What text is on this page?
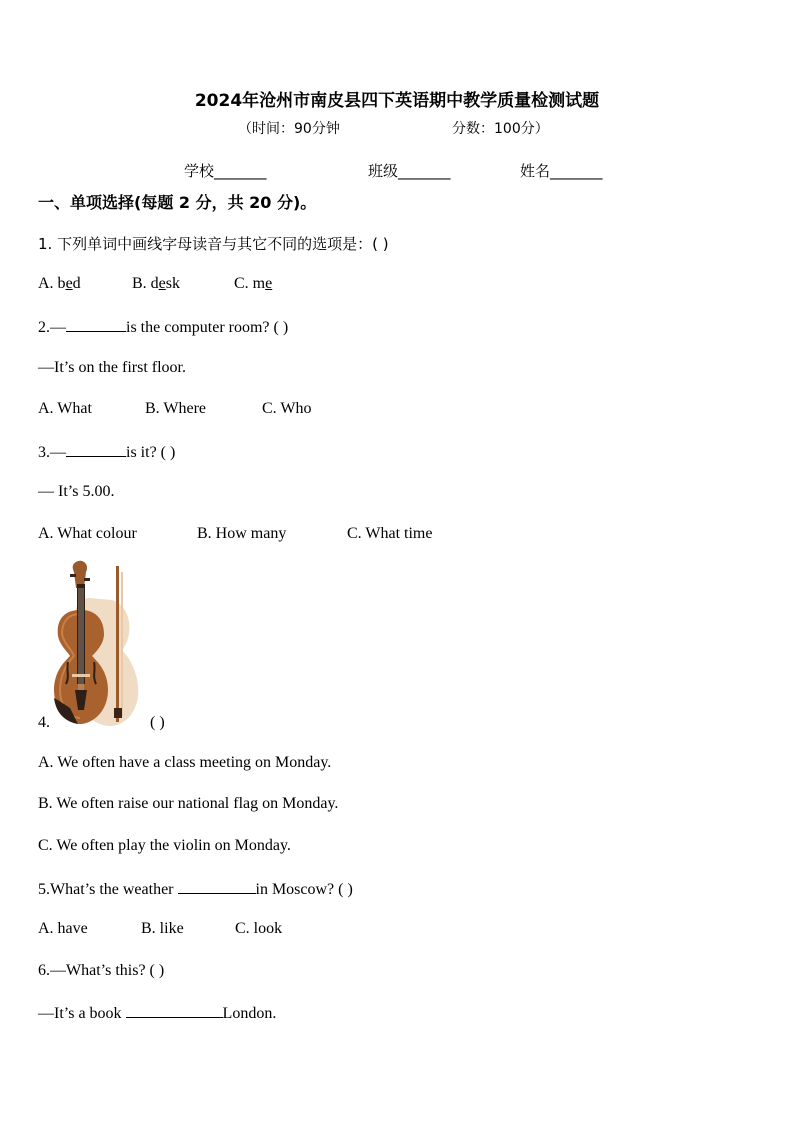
2024年沧州市南皮县四下英语期中教学质量检测试题
（时间：90分钟	分数：100分）
学校_______	班级_______	姓名_______
一、单项选择(每题 2 分，共 20 分)。
1. 下列单词中画线字母读音与其它不同的选项是：( )
A. bed	B. desk	C. me
2.—	is the computer room? ( )
—It’s on the first floor.
A. What	B. Where	C. Who
3.—	is it? ( )
— It’s 5.00.
A. What colour	B. How many	C. What time
4.	( )
A. We often have a class meeting on Monday.
B. We often raise our national flag on Monday.
C. We often play the violin on Monday.
5.What’s the weather	in Moscow? ( )
A. have	B. like	C. look
6.—What’s this? ( )
—It’s a book	London.
